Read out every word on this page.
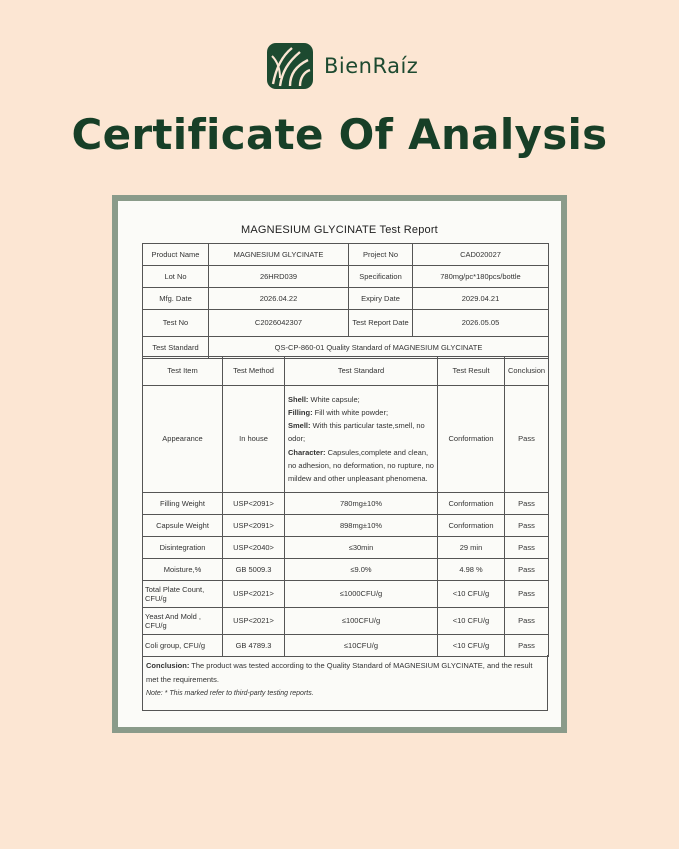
BienRaíz
Certificate Of Analysis
MAGNESIUM GLYCINATE Test Report
Product Name	MAGNESIUM GLYCINATE	Project No	CAD020027
Lot No	26HRD039	Specification	780mg/pc*180pcs/bottle
Mfg. Date	2026.04.22	Expiry Date	2029.04.21
Test No	C2026042307	Test Report Date	2026.05.05
Test Standard	QS-CP-860-01 Quality Standard of MAGNESIUM GLYCINATE		
Test Item	Test Method	Test Standard	Test Result	Conclusion
Appearance	In house	Shell: White capsule;
Filling: Fill with white powder;
Smell: With this particular taste,smell, no odor;
Character: Capsules,complete and clean, no adhesion, no deformation, no rupture, no mildew and other unpleasant phenomena.	Conformation	Pass
Filling Weight	USP<2091>	780mg±10%	Conformation	Pass
Capsule Weight	USP<2091>	898mg±10%	Conformation	Pass
Disintegration	USP<2040>	≤30min	29 min	Pass
Moisture,%	GB 5009.3	≤9.0%	4.98 %	Pass
Total Plate Count, CFU/g	USP<2021>	≤1000CFU/g	<10 CFU/g	Pass
Yeast And Mold , CFU/g	USP<2021>	≤100CFU/g	<10 CFU/g	Pass
Coli group, CFU/g	GB 4789.3	≤10CFU/g	<10 CFU/g	Pass
Conclusion: The product was tested according to the Quality Standard of MAGNESIUM GLYCINATE, and the result met the requirements.
Note: * This marked refer to third-party testing reports.
